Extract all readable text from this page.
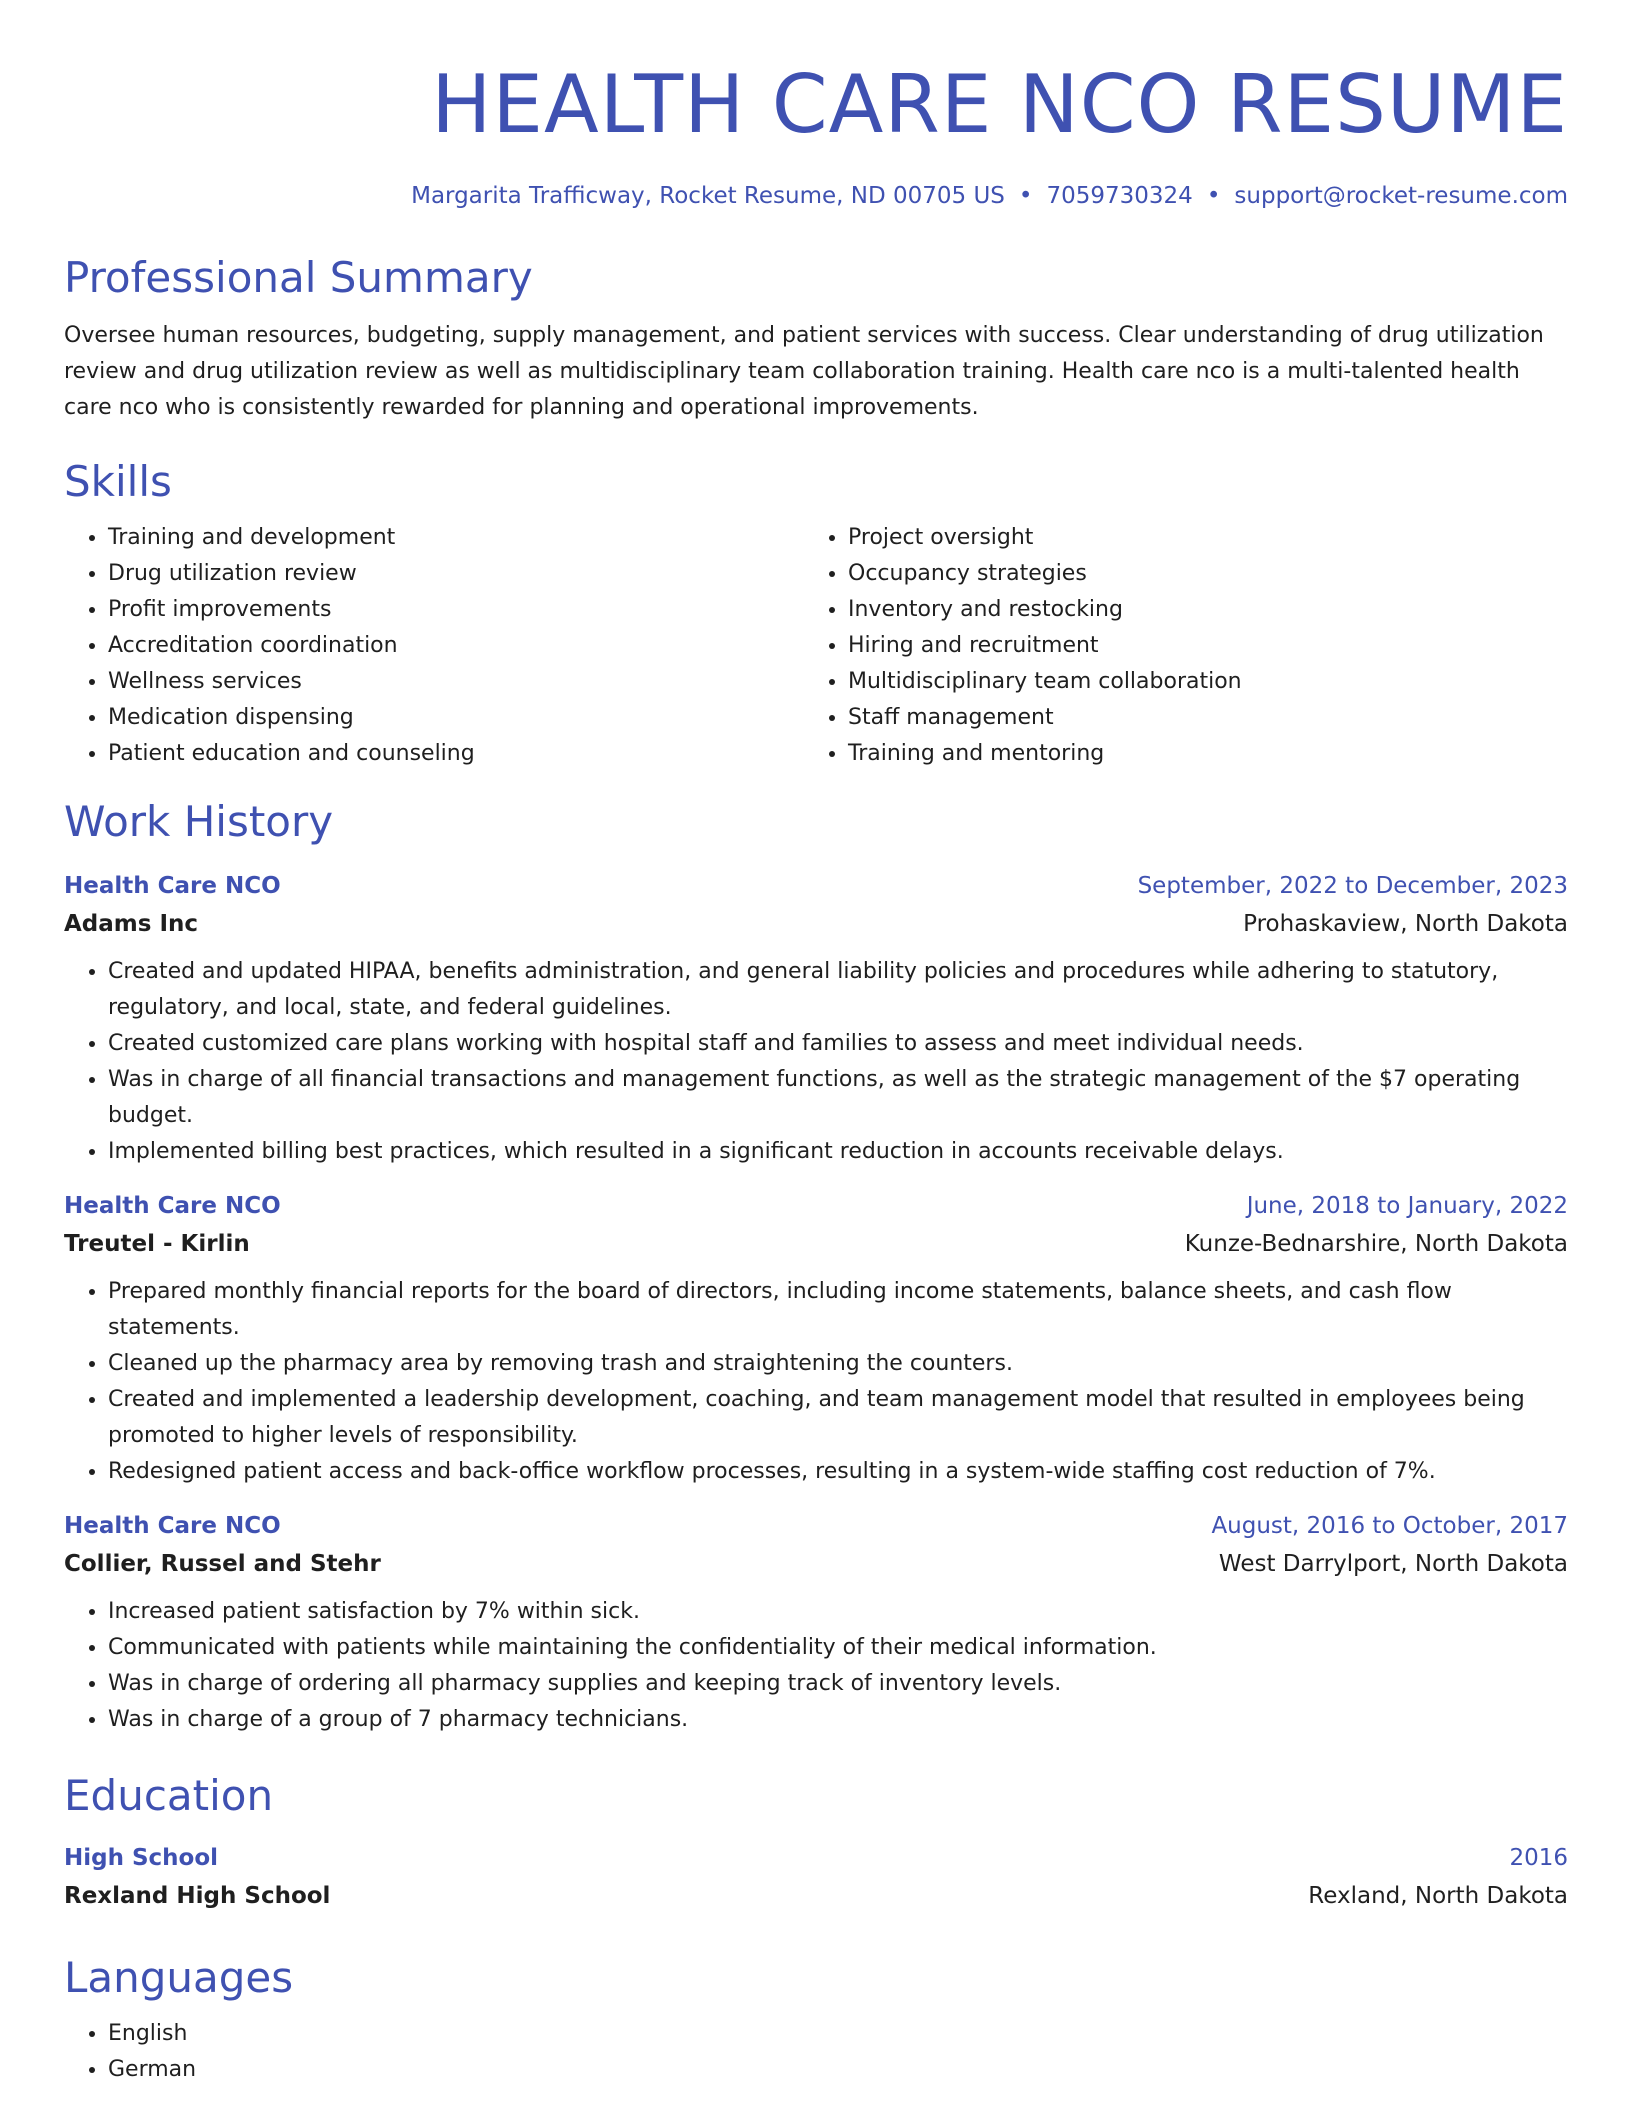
HEALTH CARE NCO RESUME
Margarita Trafficway, Rocket Resume, ND 00705 US • 7059730324 • support@rocket-resume.com
Professional Summary
Oversee human resources, budgeting, supply management, and patient services with success. Clear understanding of drug utilization review and drug utilization review as well as multidisciplinary team collaboration training. Health care nco is a multi-talented health care nco who is consistently rewarded for planning and operational improvements.
Skills
• Training and development
• Drug utilization review
• Profit improvements
• Accreditation coordination
• Wellness services
• Medication dispensing
• Patient education and counseling
• Project oversight
• Occupancy strategies
• Inventory and restocking
• Hiring and recruitment
• Multidisciplinary team collaboration
• Staff management
• Training and mentoring
Work History
Health Care NCO	September, 2022 to December, 2023
Adams Inc	Prohaskaview, North Dakota
• Created and updated HIPAA, benefits administration, and general liability policies and procedures while adhering to statutory, regulatory, and local, state, and federal guidelines.
• Created customized care plans working with hospital staff and families to assess and meet individual needs.
• Was in charge of all financial transactions and management functions, as well as the strategic management of the $7 operating budget.
• Implemented billing best practices, which resulted in a significant reduction in accounts receivable delays.
Health Care NCO	June, 2018 to January, 2022
Treutel - Kirlin	Kunze-Bednarshire, North Dakota
• Prepared monthly financial reports for the board of directors, including income statements, balance sheets, and cash flow statements.
• Cleaned up the pharmacy area by removing trash and straightening the counters.
• Created and implemented a leadership development, coaching, and team management model that resulted in employees being promoted to higher levels of responsibility.
• Redesigned patient access and back-office workflow processes, resulting in a system-wide staffing cost reduction of 7%.
Health Care NCO	August, 2016 to October, 2017
Collier, Russel and Stehr	West Darrylport, North Dakota
• Increased patient satisfaction by 7% within sick.
• Communicated with patients while maintaining the confidentiality of their medical information.
• Was in charge of ordering all pharmacy supplies and keeping track of inventory levels.
• Was in charge of a group of 7 pharmacy technicians.
Education
High School	2016
Rexland High School	Rexland, North Dakota
Languages
• English
• German
